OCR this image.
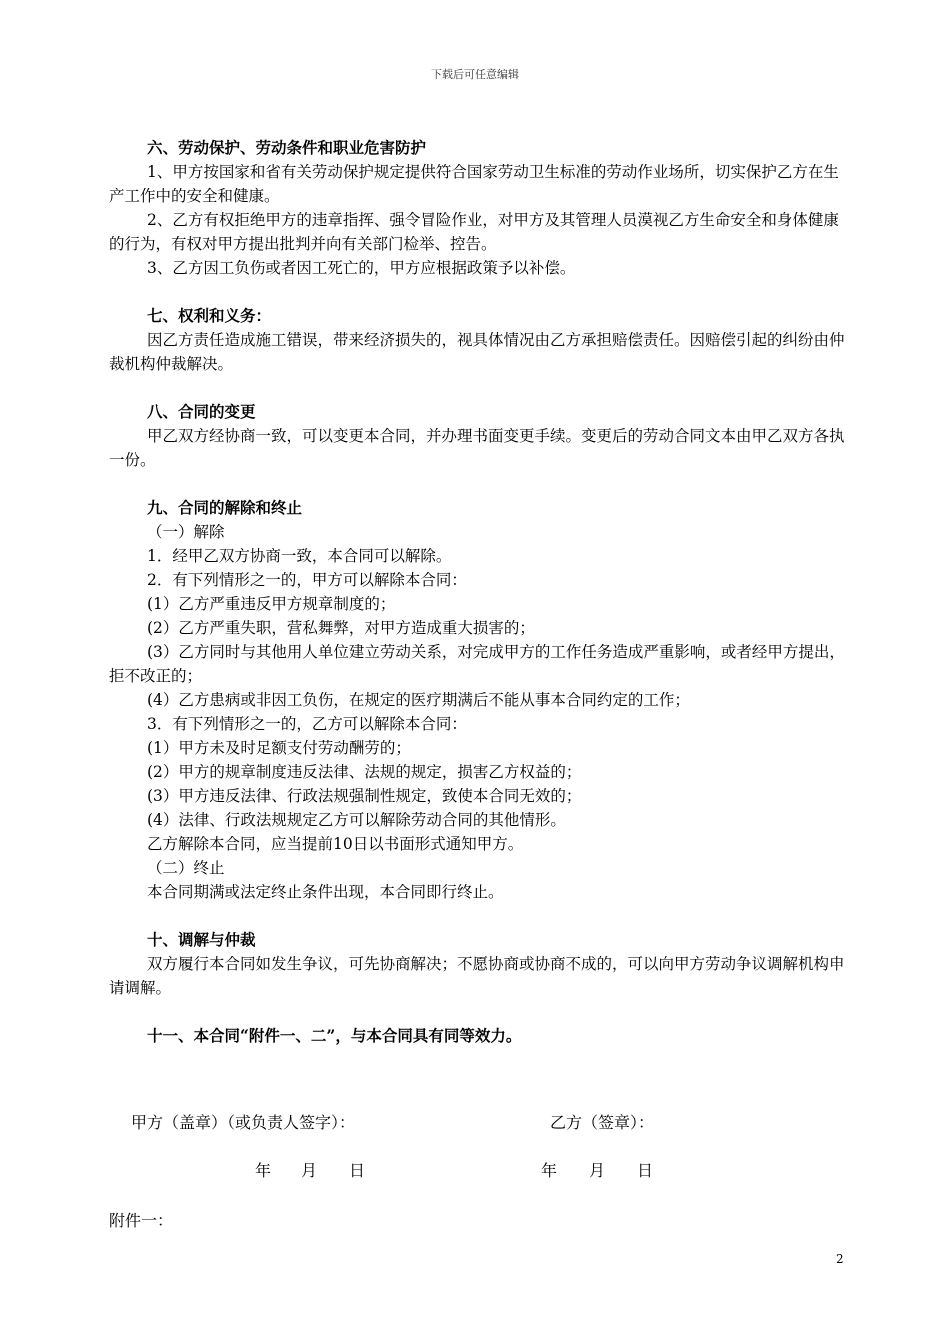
下载后可任意编辑

六、劳动保护、劳动条件和职业危害防护

1、甲方按国家和省有关劳动保护规定提供符合国家劳动卫生标准的劳动作业场所，切实保护乙方在生产工作中的安全和健康。

2、乙方有权拒绝甲方的违章指挥、强令冒险作业，对甲方及其管理人员漠视乙方生命安全和身体健康的行为，有权对甲方提出批判并向有关部门检举、控告。

3、乙方因工负伤或者因工死亡的，甲方应根据政策予以补偿。

七、权利和义务：

因乙方责任造成施工错误，带来经济损失的，视具体情况由乙方承担赔偿责任。因赔偿引起的纠纷由仲裁机构仲裁解决。

八、合同的变更

甲乙双方经协商一致，可以变更本合同，并办理书面变更手续。变更后的劳动合同文本由甲乙双方各执一份。

九、合同的解除和终止

（一）解除

1．经甲乙双方协商一致，本合同可以解除。

2．有下列情形之一的，甲方可以解除本合同：

(1）乙方严重违反甲方规章制度的；

(2）乙方严重失职，营私舞弊，对甲方造成重大损害的；

(3）乙方同时与其他用人单位建立劳动关系，对完成甲方的工作任务造成严重影响，或者经甲方提出，拒不改正的；

(4）乙方患病或非因工负伤，在规定的医疗期满后不能从事本合同约定的工作；

3．有下列情形之一的，乙方可以解除本合同：

(1）甲方未及时足额支付劳动酬劳的；

(2）甲方的规章制度违反法律、法规的规定，损害乙方权益的；

(3）甲方违反法律、行政法规强制性规定，致使本合同无效的；

(4）法律、行政法规规定乙方可以解除劳动合同的其他情形。

乙方解除本合同，应当提前10日以书面形式通知甲方。

（二）终止

本合同期满或法定终止条件出现，本合同即行终止。

十、调解与仲裁

双方履行本合同如发生争议，可先协商解决；不愿协商或协商不成的，可以向甲方劳动争议调解机构申请调解。

十一、本合同“附件一、二”，与本合同具有同等效力。

甲方（盖章）（或负责人签字）：	乙方（签章）：
年 月 日	年 月 日
附件一：
2
